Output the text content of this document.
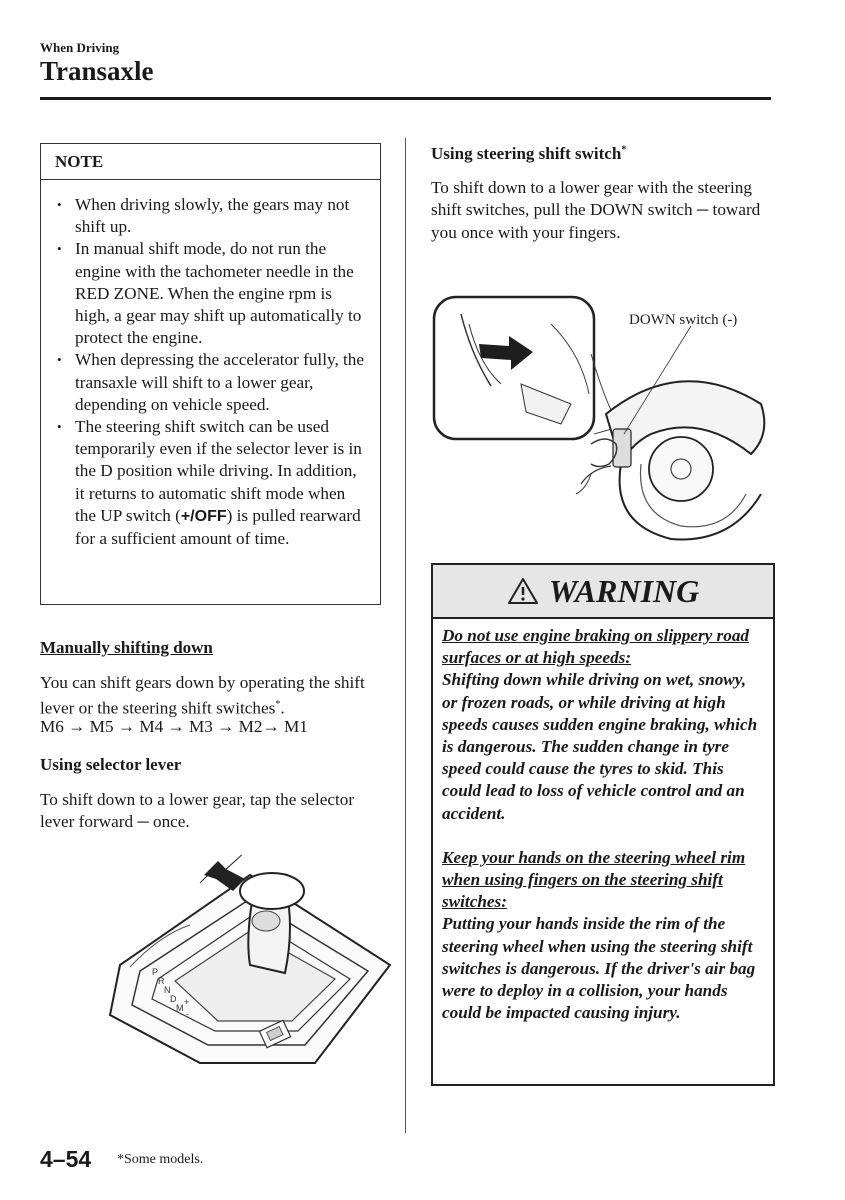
When Driving
Transaxle
NOTE
• When driving slowly, the gears may not shift up.
• In manual shift mode, do not run the engine with the tachometer needle in the RED ZONE. When the engine rpm is high, a gear may shift up automatically to protect the engine.
• When depressing the accelerator fully, the transaxle will shift to a lower gear, depending on vehicle speed.
• The steering shift switch can be used temporarily even if the selector lever is in the D position while driving. In addition, it returns to automatic shift mode when the UP switch (+/OFF) is pulled rearward for a sufficient amount of time.
Manually shifting down
You can shift gears down by operating the shift lever or the steering shift switches*.
M6 → M5 → M4 → M3 → M2→ M1
Using selector lever
To shift down to a lower gear, tap the selector lever forward ─ once.
P
R
N
D
M
+
-
Using steering shift switch*
To shift down to a lower gear with the steering shift switches, pull the DOWN switch ─ toward you once with your fingers.
DOWN switch (-)
WARNING
Do not use engine braking on slippery road surfaces or at high speeds:
Shifting down while driving on wet, snowy, or frozen roads, or while driving at high speeds causes sudden engine braking, which is dangerous. The sudden change in tyre speed could cause the tyres to skid. This could lead to loss of vehicle control and an accident.
Keep your hands on the steering wheel rim when using fingers on the steering shift switches:
Putting your hands inside the rim of the steering wheel when using the steering shift switches is dangerous. If the driver's air bag were to deploy in a collision, your hands could be impacted causing injury.
4–54 *Some models.
